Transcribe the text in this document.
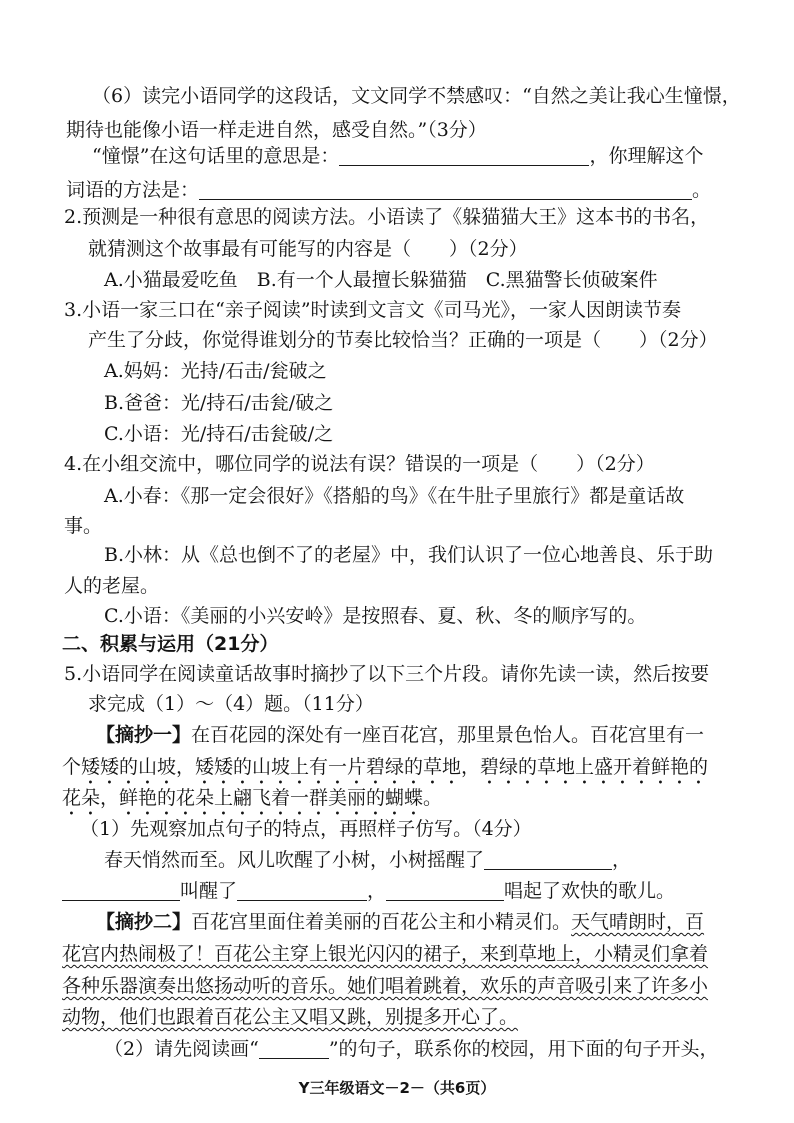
（6）读完小语同学的这段话，文文同学不禁感叹：“自然之美让我心生憧憬，
期待也能像小语一样走进自然，感受自然。”（3分）
“憧憬”在这句话里的意思是：	，你理解这个
词语的方法是：	。
2.预测是一种很有意思的阅读方法。小语读了《躲猫猫大王》这本书的书名，
就猜测这个故事最有可能写的内容是（　　）（2分）
A.小猫最爱吃鱼　B.有一个人最擅长躲猫猫　C.黑猫警长侦破案件
3.小语一家三口在“亲子阅读”时读到文言文《司马光》，一家人因朗读节奏
产生了分歧，你觉得谁划分的节奏比较恰当？正确的一项是（　　）（2分）
A.妈妈：光持/石击/瓮破之
B.爸爸：光/持石/击瓮/破之
C.小语：光/持石/击瓮破/之
4.在小组交流中，哪位同学的说法有误？错误的一项是（　　）（2分）
A.小春：《那一定会很好》《搭船的鸟》《在牛肚子里旅行》都是童话故
事。
B.小林：从《总也倒不了的老屋》中，我们认识了一位心地善良、乐于助
人的老屋。
C.小语：《美丽的小兴安岭》是按照春、夏、秋、冬的顺序写的。
二、积累与运用（21分）
5.小语同学在阅读童话故事时摘抄了以下三个片段。请你先读一读，然后按要
求完成（1）～（4）题。（11分）
【摘抄一】在百花园的深处有一座百花宫，那里景色怡人。百花宫里有一
个矮矮的山坡，矮矮的山坡上有一片碧绿的草地，碧绿的草地上盛开着鲜艳的
花朵，鲜艳的花朵上翩飞着一群美丽的蝴蝶。
（1）先观察加点句子的特点，再照样子仿写。（4分）
春天悄然而至。风儿吹醒了小树，小树摇醒了	，
叫醒了	，	唱起了欢快的歌儿。
【摘抄二】百花宫里面住着美丽的百花公主和小精灵们。天气晴朗时，百
花宫内热闹极了！百花公主穿上银光闪闪的裙子，来到草地上，小精灵们拿着
各种乐器演奏出悠扬动听的音乐。她们唱着跳着，欢乐的声音吸引来了许多小
动物，他们也跟着百花公主又唱又跳，别提多开心了。
（2）请先阅读画“	”的句子，联系你的校园，用下面的句子开头，
Y三年级语文－2－（共6页）
